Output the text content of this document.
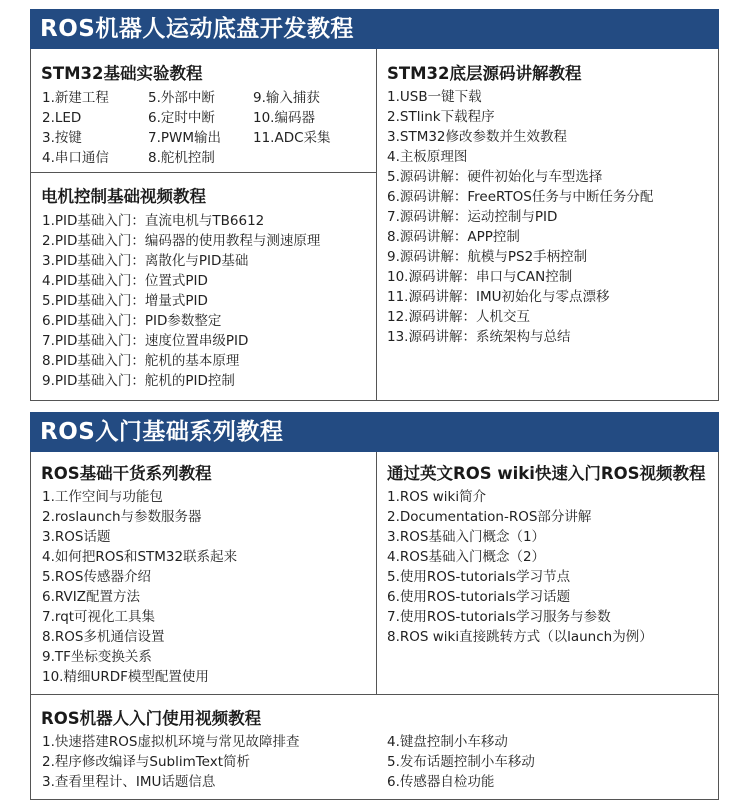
ROS机器人运动底盘开发教程
STM32基础实验教程
1.新建工程
2.LED
3.按键
4.串口通信
5.外部中断
6.定时中断
7.PWM输出
8.舵机控制
9.输入捕获
10.编码器
11.ADC采集
电机控制基础视频教程
1.PID基础入门：直流电机与TB6612
2.PID基础入门：编码器的使用教程与测速原理
3.PID基础入门：离散化与PID基础
4.PID基础入门：位置式PID
5.PID基础入门：增量式PID
6.PID基础入门：PID参数整定
7.PID基础入门：速度位置串级PID
8.PID基础入门：舵机的基本原理
9.PID基础入门：舵机的PID控制
STM32底层源码讲解教程
1.USB一键下载
2.STlink下载程序
3.STM32修改参数并生效教程
4.主板原理图
5.源码讲解：硬件初始化与车型选择
6.源码讲解：FreeRTOS任务与中断任务分配
7.源码讲解：运动控制与PID
8.源码讲解：APP控制
9.源码讲解：航模与PS2手柄控制
10.源码讲解：串口与CAN控制
11.源码讲解：IMU初始化与零点漂移
12.源码讲解：人机交互
13.源码讲解：系统架构与总结
ROS入门基础系列教程
ROS基础干货系列教程
1.工作空间与功能包
2.roslaunch与参数服务器
3.ROS话题
4.如何把ROS和STM32联系起来
5.ROS传感器介绍
6.RVIZ配置方法
7.rqt可视化工具集
8.ROS多机通信设置
9.TF坐标变换关系
10.精细URDF模型配置使用
通过英文ROS wiki快速入门ROS视频教程
1.ROS wiki简介
2.Documentation-ROS部分讲解
3.ROS基础入门概念（1）
4.ROS基础入门概念（2）
5.使用ROS-tutorials学习节点
6.使用ROS-tutorials学习话题
7.使用ROS-tutorials学习服务与参数
8.ROS wiki直接跳转方式（以launch为例）
ROS机器人入门使用视频教程
1.快速搭建ROS虚拟机环境与常见故障排查
2.程序修改编译与SublimText简析
3.查看里程计、IMU话题信息
4.键盘控制小车移动
5.发布话题控制小车移动
6.传感器自检功能
